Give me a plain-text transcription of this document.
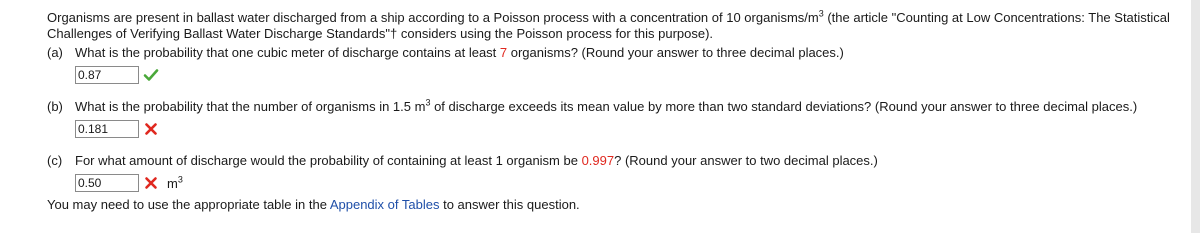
Organisms are present in ballast water discharged from a ship according to a Poisson process with a concentration of 10 organisms/$m^3$ (the article "Counting at Low Concentrations: The Statistical Challenges of Verifying Ballast Water Discharge Standards"† considers using the Poisson process for this purpose).
(a) What is the probability that one cubic meter of discharge contains at least 7 organisms? (Round your answer to three decimal places.)
0.87
(b) What is the probability that the number of organisms in 1.5 $m^3$ of discharge exceeds its mean value by more than two standard deviations? (Round your answer to three decimal places.)
0.181
(c) For what amount of discharge would the probability of containing at least 1 organism be 0.997? (Round your answer to two decimal places.)
0.50	$m^3$
You may need to use the appropriate table in the Appendix of Tables to answer this question.
